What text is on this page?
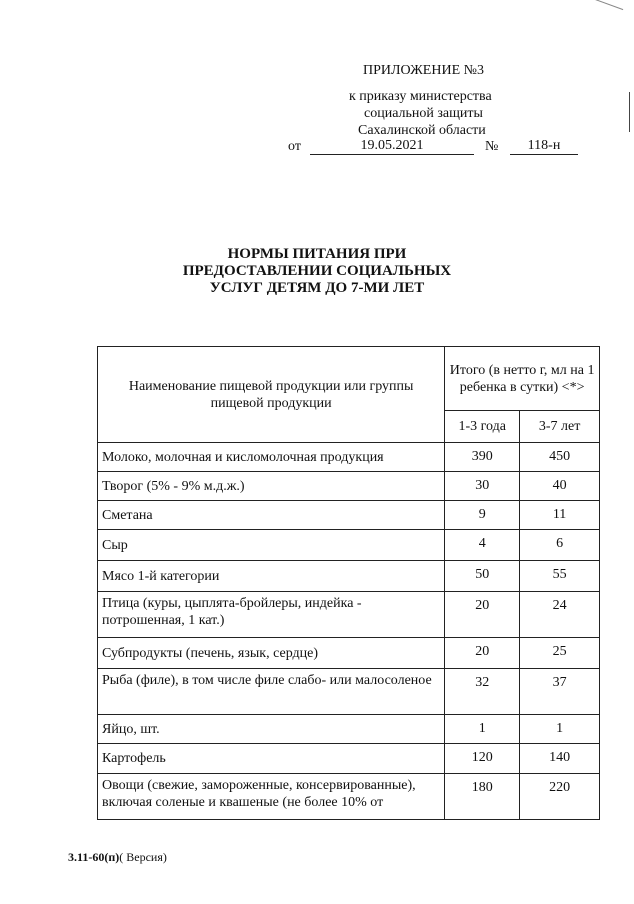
ПРИЛОЖЕНИЕ №3
к приказу министерства
социальной защиты
Сахалинской области
от	19.05.2021	№	118-н
НОРМЫ ПИТАНИЯ ПРИ
ПРЕДОСТАВЛЕНИИ СОЦИАЛЬНЫХ
УСЛУГ ДЕТЯМ ДО 7-МИ ЛЕТ
Наименование пищевой продукции или группы пищевой продукции	Итого (в нетто г, мл на 1 ребенка в сутки) <*>	
	1-3 года	3-7 лет
Молоко, молочная и кисломолочная продукция	390	450
Творог (5% - 9% м.д.ж.)	30	40
Сметана	9	11
Сыр	4	6
Мясо 1-й категории	50	55
Птица (куры, цыплята-бройлеры, индейка - потрошенная, 1 кат.)	20	24
Субпродукты (печень, язык, сердце)	20	25
Рыба (филе), в том числе филе слабо- или малосоленое	32	37
Яйцо, шт.	1	1
Картофель	120	140
Овощи (свежие, замороженные, консервированные), включая соленые и квашеные (не более 10% от	180	220
3.11-60(п)( Версия)
